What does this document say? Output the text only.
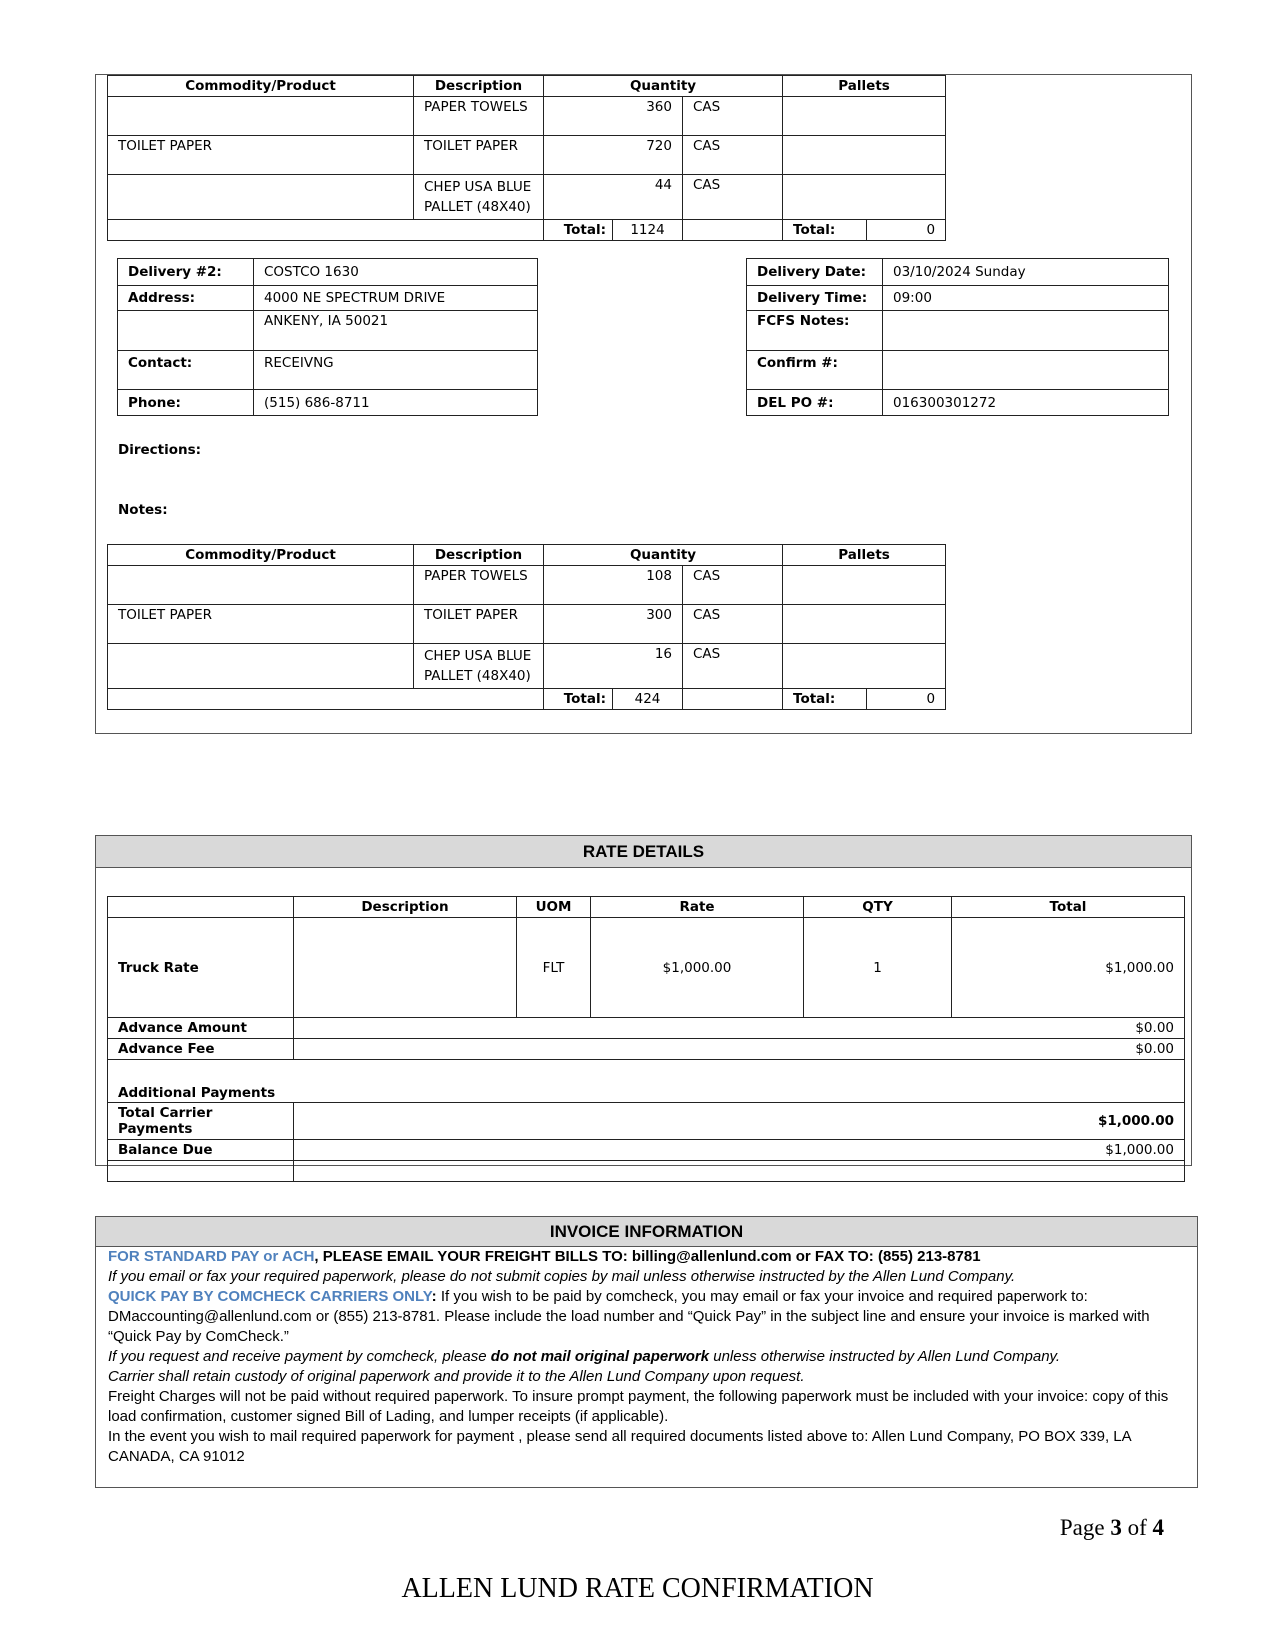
Commodity/Product	Description	Quantity			Pallets	
	PAPER TOWELS	360		CAS		
TOILET PAPER	TOILET PAPER	720		CAS		
	CHEP USA BLUE PALLET (48X40)	44		CAS		
		Total:	1124		Total:	0
Delivery #2:	COSTCO 1630
Address:	4000 NE SPECTRUM DRIVE
	ANKENY, IA 50021
Contact:	RECEIVNG
Phone:	(515) 686-8711
Delivery Date:	03/10/2024 Sunday
Delivery Time:	09:00
FCFS Notes:	
Confirm #:	
DEL PO #:	016300301272
Directions:
Notes:
Commodity/Product	Description	Quantity			Pallets	
	PAPER TOWELS	108		CAS		
TOILET PAPER	TOILET PAPER	300		CAS		
	CHEP USA BLUE PALLET (48X40)	16		CAS		
		Total:	424		Total:	0
RATE DETAILS
	Description	UOM	Rate	QTY	Total
Truck Rate		FLT	$1,000.00	1	$1,000.00
Advance Amount	$0.00				
Advance Fee	$0.00				
Additional Payments					
Total Carrier Payments	$1,000.00				
Balance Due	$1,000.00				

INVOICE INFORMATION

FOR STANDARD PAY or ACH, PLEASE EMAIL YOUR FREIGHT BILLS TO: billing@allenlund.com or FAX TO: (855) 213-8781

If you email or fax your required paperwork, please do not submit copies by mail unless otherwise instructed by the Allen Lund Company.

QUICK PAY BY COMCHECK CARRIERS ONLY: If you wish to be paid by comcheck, you may email or fax your invoice and required paperwork to: DMaccounting@allenlund.com or (855) 213-8781. Please include the load number and “Quick Pay” in the subject line and ensure your invoice is marked with “Quick Pay by ComCheck.”

If you request and receive payment by comcheck, please do not mail original paperwork unless otherwise instructed by Allen Lund Company.

Carrier shall retain custody of original paperwork and provide it to the Allen Lund Company upon request.

Freight Charges will not be paid without required paperwork. To insure prompt payment, the following paperwork must be included with your invoice: copy of this load confirmation, customer signed Bill of Lading, and lumper receipts (if applicable).

In the event you wish to mail required paperwork for payment , please send all required documents listed above to: Allen Lund Company, PO BOX 339, LA CANADA, CA 91012

Page 3 of 4
ALLEN LUND RATE CONFIRMATION
